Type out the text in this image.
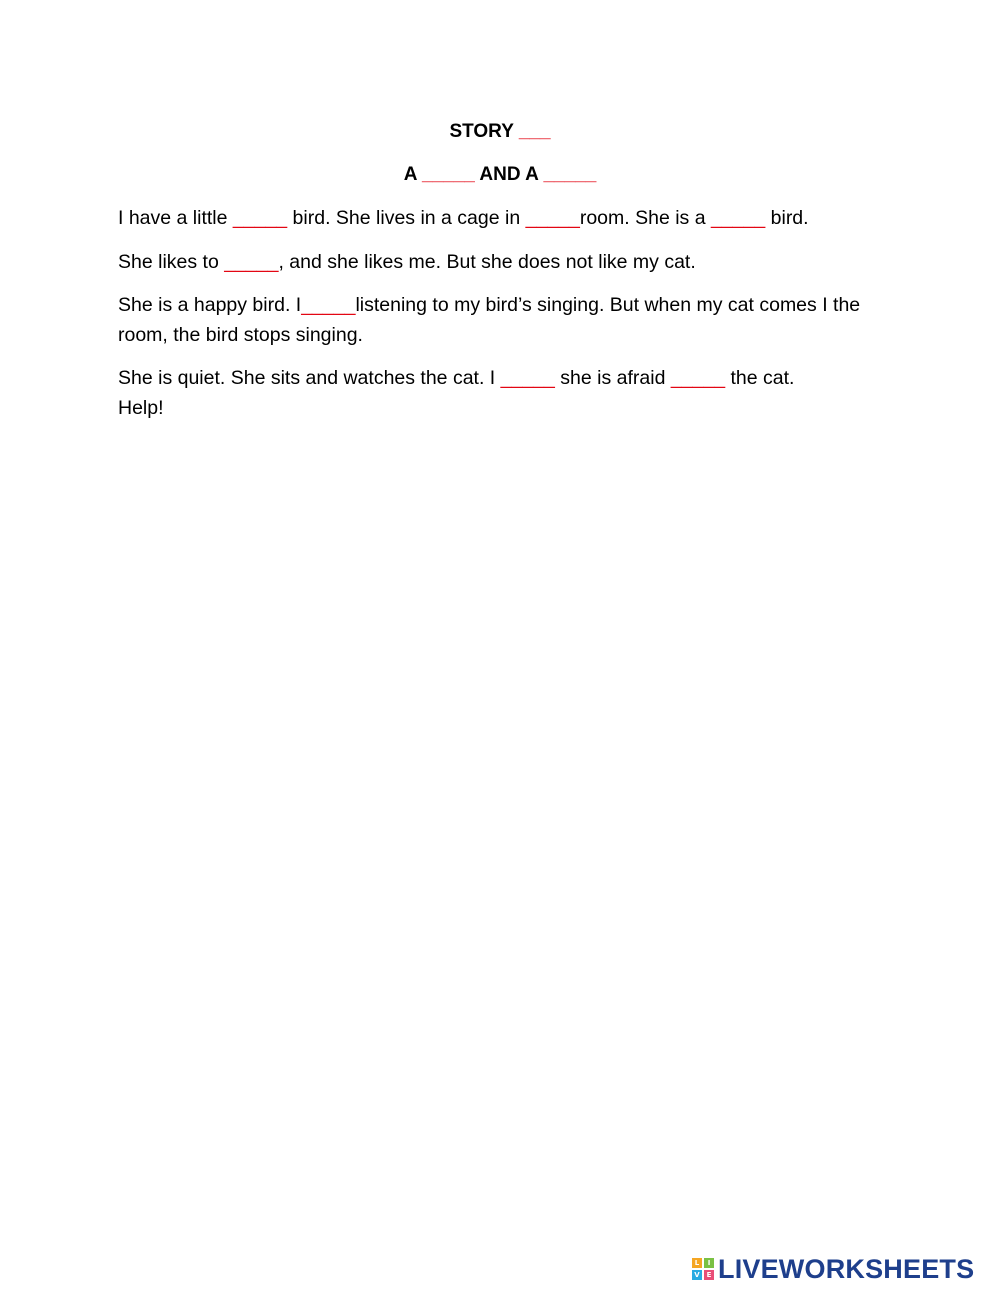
STORY ___
A _____ AND A _____
I have a little _____ bird. She lives in a cage in _____room. She is a _____ bird.
She likes to _____, and she likes me. But she does not like my cat.
She is a happy bird. I_____listening to my bird’s singing. But when my cat comes I the room, the bird stops singing.
She is quiet. She sits and watches the cat. I _____ she is afraid _____ the cat. Help!
L	I
V E LIVEWORKSHEETS
